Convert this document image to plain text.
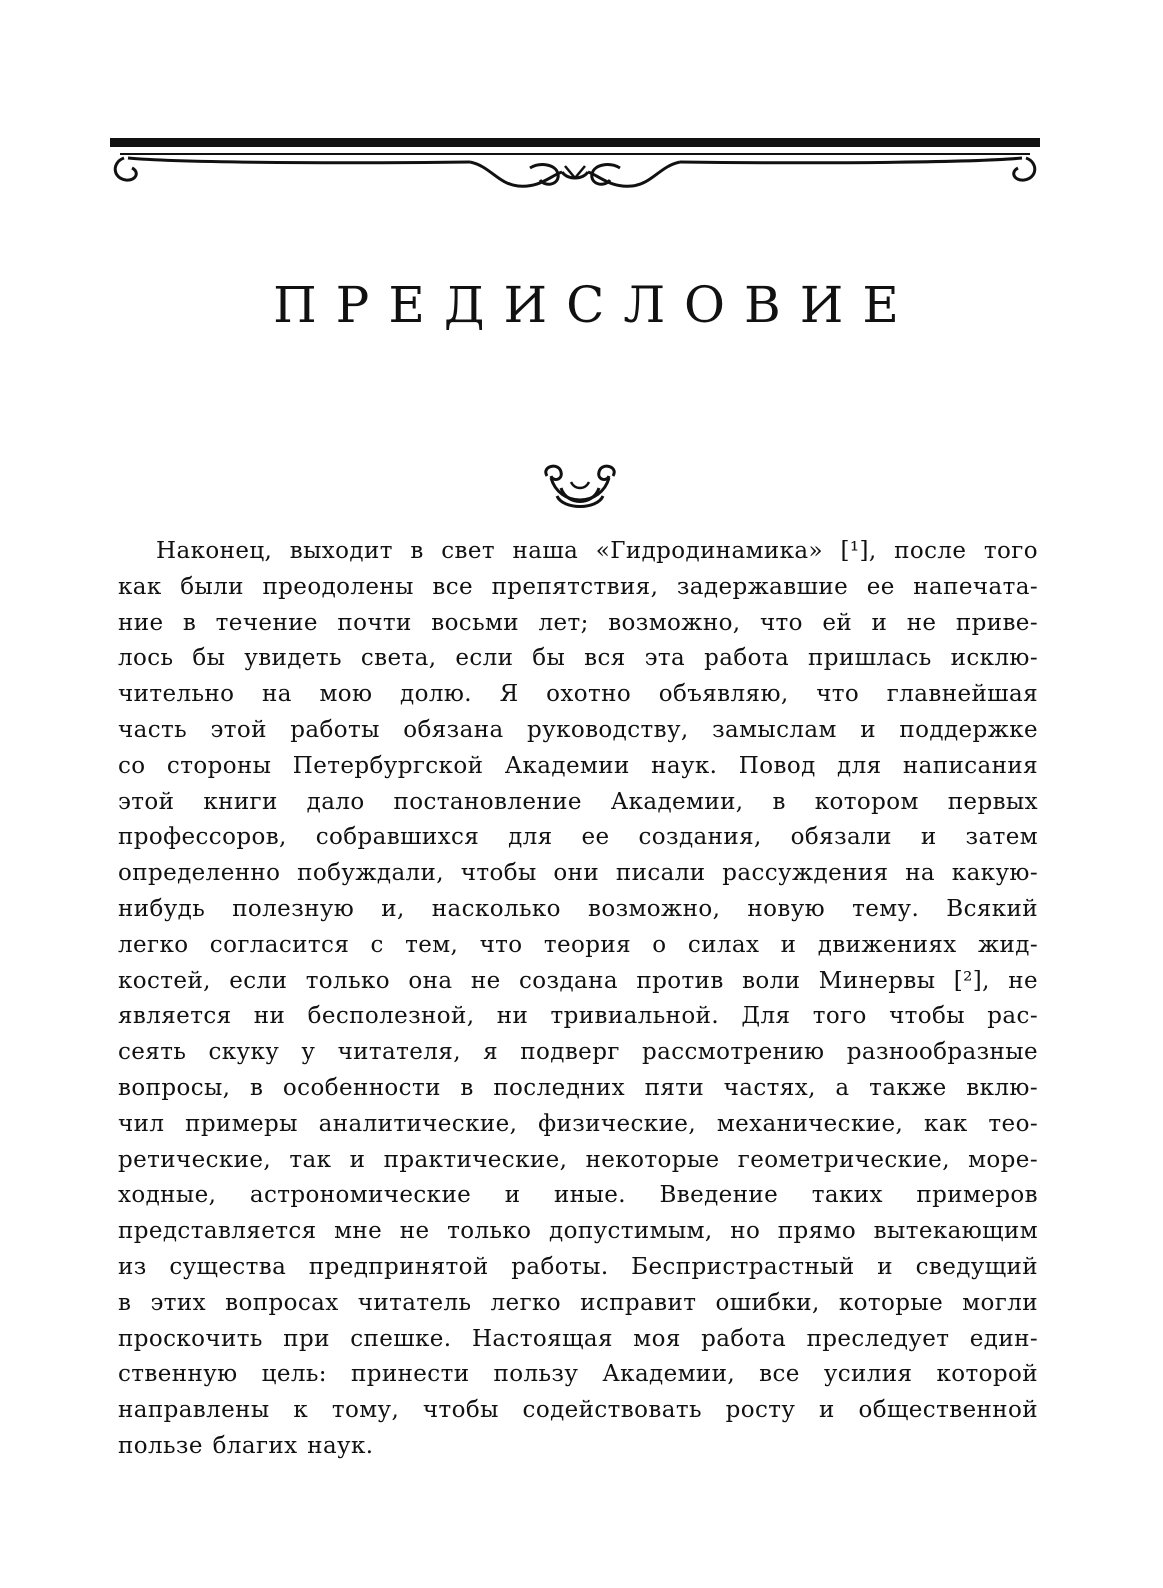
ПРЕДИСЛОВИЕ
Наконец, выходит в свет наша «Гидродинамика» [¹], после того
как были преодолены все препятствия, задержавшие ее напечата-
ние в течение почти восьми лет; возможно, что ей и не приве-
лось бы увидеть света, если бы вся эта работа пришлась исклю-
чительно на мою долю. Я охотно объявляю, что главнейшая
часть этой работы обязана руководству, замыслам и поддержке
со стороны Петербургской Академии наук. Повод для написания
этой книги дало постановление Академии, в котором первых
профессоров, собравшихся для ее создания, обязали и затем
определенно побуждали, чтобы они писали рассуждения на какую-
нибудь полезную и, насколько возможно, новую тему. Всякий
легко согласится с тем, что теория о силах и движениях жид-
костей, если только она не создана против воли Минервы [²], не
является ни бесполезной, ни тривиальной. Для того чтобы рас-
сеять скуку у читателя, я подверг рассмотрению разнообразные
вопросы, в особенности в последних пяти частях, а также вклю-
чил примеры аналитические, физические, механические, как тео-
ретические, так и практические, некоторые геометрические, море-
ходные, астрономические и иные. Введение таких примеров
представляется мне не только допустимым, но прямо вытекающим
из существа предпринятой работы. Беспристрастный и сведущий
в этих вопросах читатель легко исправит ошибки, которые могли
проскочить при спешке. Настоящая моя работа преследует един-
ственную цель: принести пользу Академии, все усилия которой
направлены к тому, чтобы содействовать росту и общественной
пользе благих наук.
